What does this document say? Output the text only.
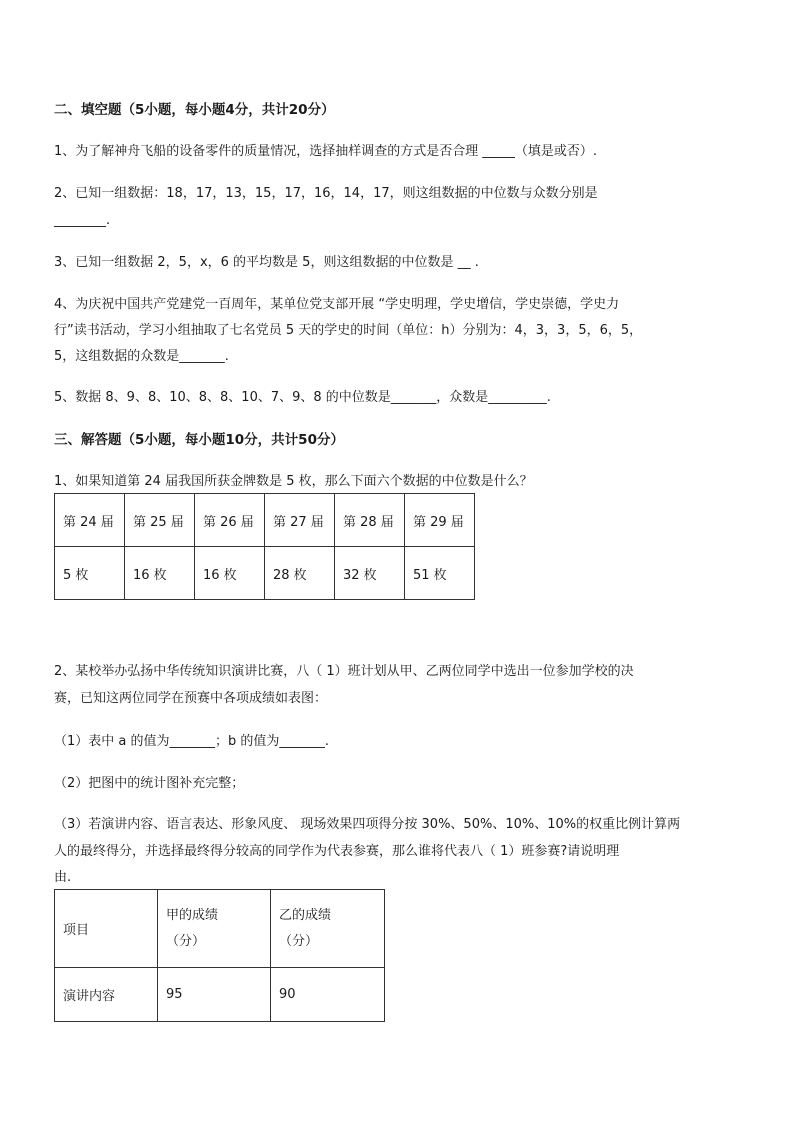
二、填空题（5小题，每小题4分，共计20分）
1、为了解神舟飞船的设备零件的质量情况，选择抽样调查的方式是否合理 _____（填是或否）.
2、已知一组数据：18，17，13，15，17，16，14，17，则这组数据的中位数与众数分别是
________.
3、已知一组数据 2，5，x，6 的平均数是 5，则这组数据的中位数是 __ .
4、为庆祝中国共产党建党一百周年，某单位党支部开展 “学史明理，学史增信，学史崇德，学史力
行”读书活动，学习小组抽取了七名党员 5 天的学史的时间（单位：h）分别为：4，3，3，5，6，5，
5，这组数据的众数是_______.
5、数据 8、9、8、10、8、8、10、7、9、8 的中位数是_______，众数是_________.
三、解答题（5小题，每小题10分，共计50分）
1、如果知道第 24 届我国所获金牌数是 5 枚，那么下面六个数据的中位数是什么？
第 24 届	第 25 届	第 26 届	第 27 届	第 28 届	第 29 届
5 枚	16 枚	16 枚	28 枚	32 枚	51 枚
2、某校举办弘扬中华传统知识演讲比赛，八（ 1）班计划从甲、乙两位同学中选出一位参加学校的决
赛，已知这两位同学在预赛中各项成绩如表图：
（1）表中 a 的值为_______；b 的值为_______.
（2）把图中的统计图补充完整；
（3）若演讲内容、语言表达、形象风度、 现场效果四项得分按 30%、50%、10%、10%的权重比例计算两
人的最终得分，并选择最终得分较高的同学作为代表参赛，那么谁将代表八（ 1）班参赛?请说明理
由.
项目	甲的成绩（分）	乙的成绩（分）

演讲内容	95	90
